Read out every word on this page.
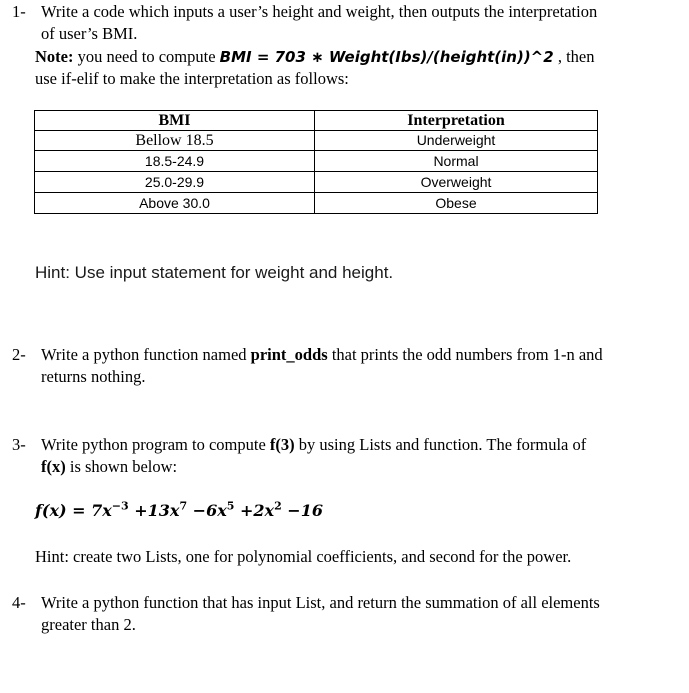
1- Write a code which inputs a user’s height and weight, then outputs the interpretation
of user’s BMI.
Note: you need to compute BMI = 703 ∗ Weight(Ibs)/(height(in))^2 , then
use if-elif to make the interpretation as follows:
BMI	Interpretation
Bellow 18.5	Underweight
18.5-24.9	Normal
25.0-29.9	Overweight
Above 30.0	Obese
Hint: Use input statement for weight and height.
2- Write a python function named print_odds that prints the odd numbers from 1-n and
returns nothing.
3- Write python program to compute f(3) by using Lists and function. The formula of
f(x) is shown below:
$f(x) = 7x^{-3} +13x^7 -6x^5 +2x^2 -16$
Hint: create two Lists, one for polynomial coefficients, and second for the power.
4- Write a python function that has input List, and return the summation of all elements
greater than 2.
